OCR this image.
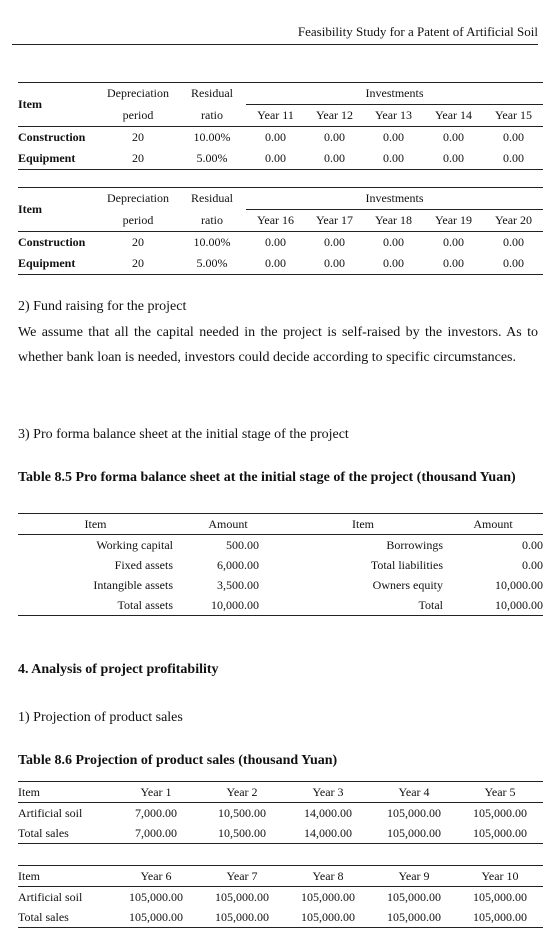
Feasibility Study for a Patent of Artificial Soil
Item	Depreciation	Residual	Investments				
	period	ratio	Year 11	Year 12	Year 13	Year 14	Year 15
Construction	20	10.00%	0.00	0.00	0.00	0.00	0.00
Equipment	20	5.00%	0.00	0.00	0.00	0.00	0.00
Item	Depreciation	Residual	Investments				
	period	ratio	Year 16	Year 17	Year 18	Year 19	Year 20
Construction	20	10.00%	0.00	0.00	0.00	0.00	0.00
Equipment	20	5.00%	0.00	0.00	0.00	0.00	0.00
2) Fund raising for the project
We assume that all the capital needed in the project is self-raised by the investors. As to whether bank loan is needed, investors could decide according to specific circumstances.
3) Pro forma balance sheet at the initial stage of the project
Table 8.5 Pro forma balance sheet at the initial stage of the project (thousand Yuan)
Item	Amount	Item	Amount
Working capital	500.00	Borrowings	0.00
Fixed assets	6,000.00	Total liabilities	0.00
Intangible assets	3,500.00	Owners equity	10,000.00
Total assets	10,000.00	Total	10,000.00
4. Analysis of project profitability
1) Projection of product sales
Table 8.6 Projection of product sales (thousand Yuan)
Item	Year 1	Year 2	Year 3	Year 4	Year 5
Artificial soil	7,000.00	10,500.00	14,000.00	105,000.00	105,000.00
Total sales	7,000.00	10,500.00	14,000.00	105,000.00	105,000.00
Item	Year 6	Year 7	Year 8	Year 9	Year 10
Artificial soil	105,000.00	105,000.00	105,000.00	105,000.00	105,000.00
Total sales	105,000.00	105,000.00	105,000.00	105,000.00	105,000.00
